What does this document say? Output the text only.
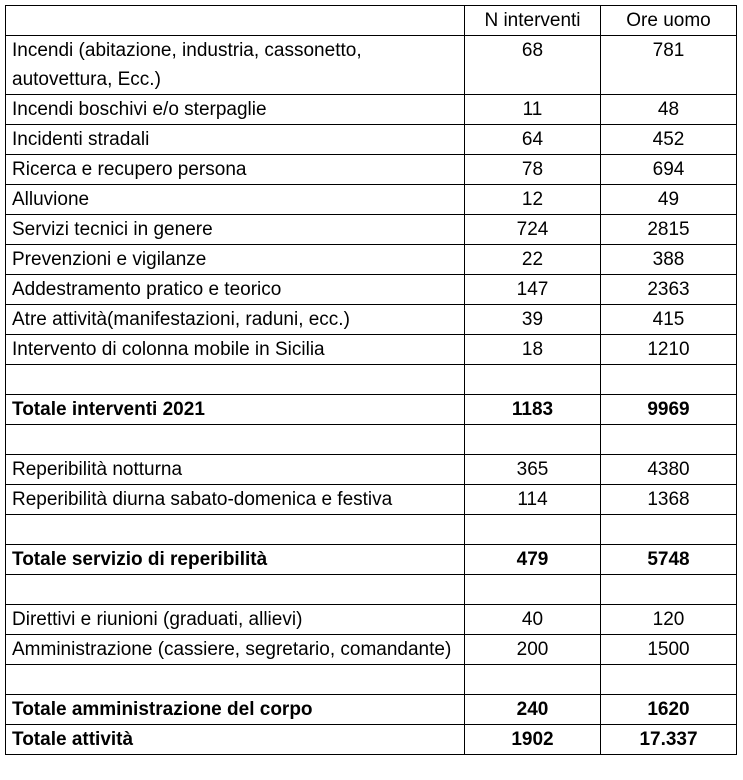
	N interventi	Ore uomo
Incendi (abitazione, industria, cassonetto, autovettura, Ecc.)	68	781
Incendi boschivi e/o sterpaglie	11	48
Incidenti stradali	64	452
Ricerca e recupero persona	78	694
Alluvione	12	49
Servizi tecnici in genere	724	2815
Prevenzioni e vigilanze	22	388
Addestramento pratico e teorico	147	2363
Atre attività(manifestazioni, raduni, ecc.)	39	415
Intervento di colonna mobile in Sicilia	18	1210

Totale interventi 2021	1183	9969

Reperibilità notturna	365	4380
Reperibilità diurna sabato-domenica e festiva	114	1368

Totale servizio di reperibilità	479	5748

Direttivi e riunioni (graduati, allievi)	40	120
Amministrazione (cassiere, segretario, comandante)	200	1500

Totale amministrazione del corpo	240	1620
Totale attività	1902	17.337
